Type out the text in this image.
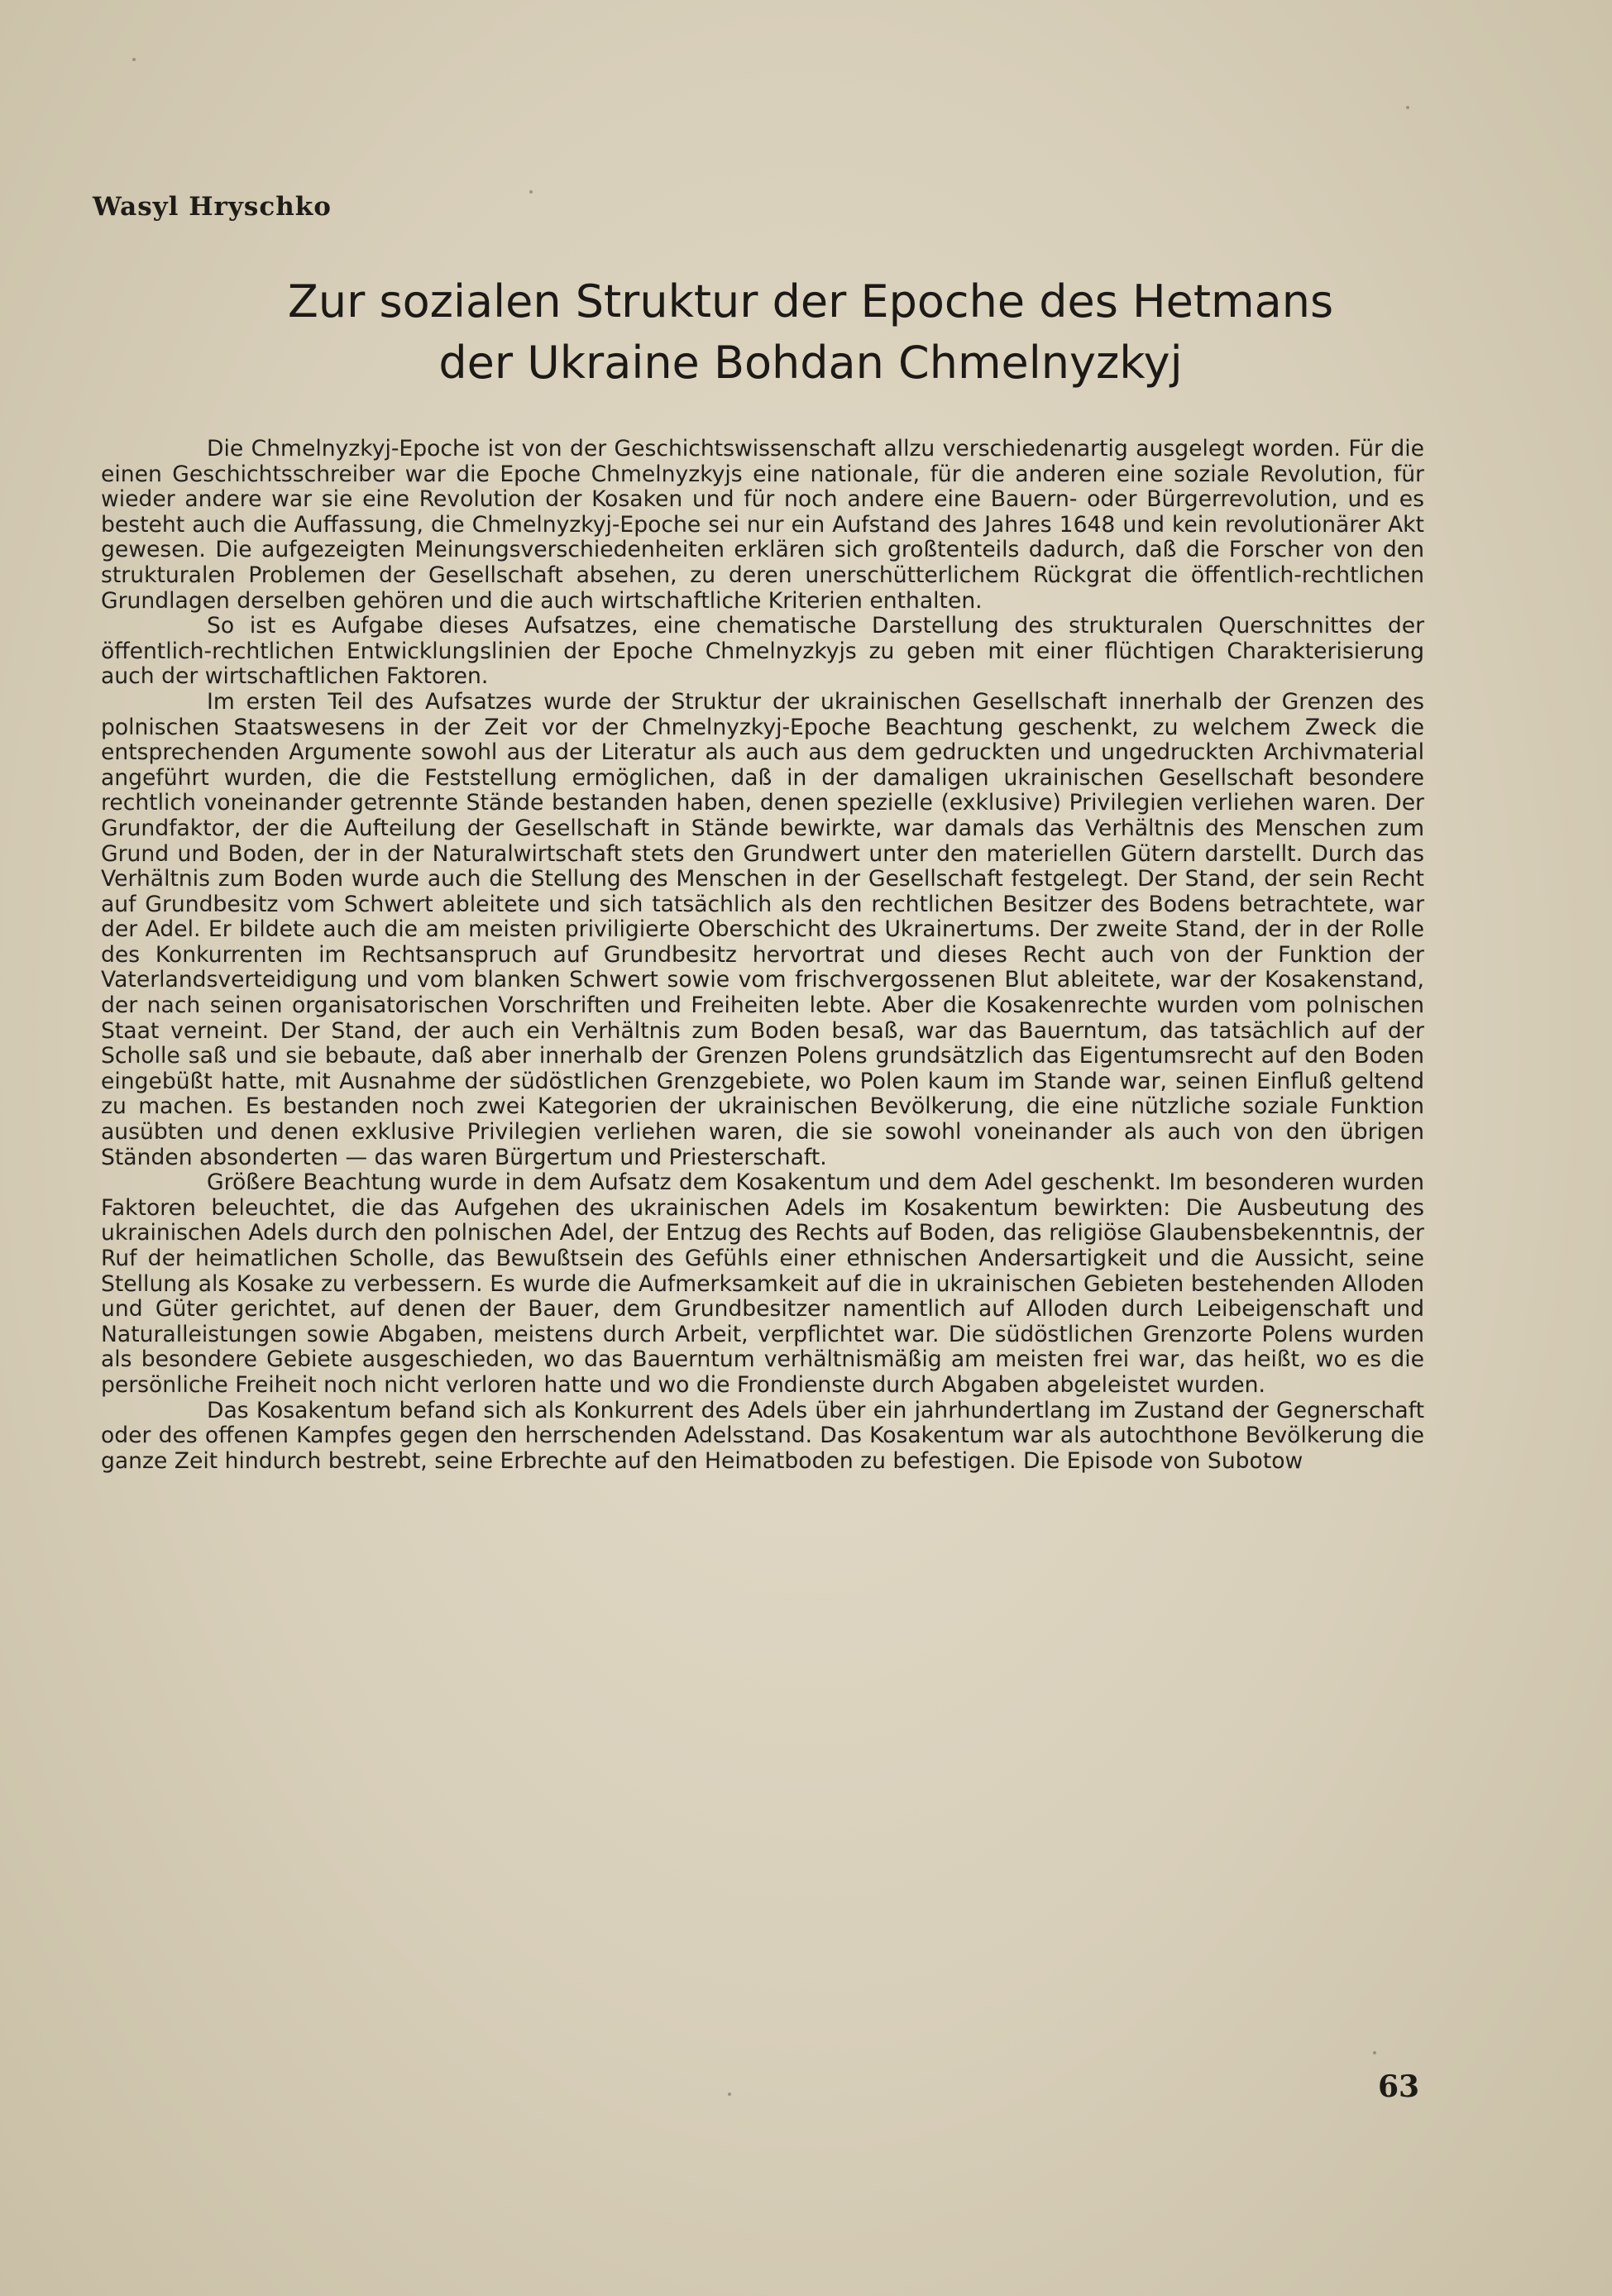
Wasyl Hryschko

Zur sozialen Struktur der Epoche des Hetmans
der Ukraine Bohdan Chmelnyzkyj

Die Chmelnyzkyj-Epoche ist von der Geschichtswissenschaft allzu verschiedenartig ausgelegt worden. Für die einen Geschichtsschreiber war die Epoche Chmelnyzkyjs eine nationale, für die anderen eine soziale Revolution, für wieder andere war sie eine Revolution der Kosaken und für noch andere eine Bauern- oder Bürgerrevolution, und es besteht auch die Auffassung, die Chmelnyzkyj-Epoche sei nur ein Aufstand des Jahres 1648 und kein revolutionärer Akt gewesen. Die aufgezeigten Meinungsverschiedenheiten erklären sich großtenteils dadurch, daß die Forscher von den strukturalen Problemen der Gesellschaft absehen, zu deren unerschütterlichem Rückgrat die öffentlich-rechtlichen Grundlagen derselben gehören und die auch wirtschaftliche Kriterien enthalten.

So ist es Aufgabe dieses Aufsatzes, eine chematische Darstellung des strukturalen Querschnittes der öffentlich-rechtlichen Entwicklungslinien der Epoche Chmelnyzkyjs zu geben mit einer flüchtigen Charakterisierung auch der wirtschaftlichen Faktoren.

Im ersten Teil des Aufsatzes wurde der Struktur der ukrainischen Gesellschaft innerhalb der Grenzen des polnischen Staatswesens in der Zeit vor der Chmelnyzkyj-Epoche Beachtung geschenkt, zu welchem Zweck die entsprechenden Argumente sowohl aus der Literatur als auch aus dem gedruckten und ungedruckten Archivmaterial angeführt wurden, die die Feststellung ermöglichen, daß in der damaligen ukrainischen Gesellschaft besondere rechtlich voneinander getrennte Stände bestanden haben, denen spezielle (exklusive) Privilegien verliehen waren. Der Grundfaktor, der die Aufteilung der Gesellschaft in Stände bewirkte, war damals das Verhältnis des Menschen zum Grund und Boden, der in der Naturalwirtschaft stets den Grundwert unter den materiellen Gütern darstellt. Durch das Verhältnis zum Boden wurde auch die Stellung des Menschen in der Gesellschaft festgelegt. Der Stand, der sein Recht auf Grundbesitz vom Schwert ableitete und sich tatsächlich als den rechtlichen Besitzer des Bodens betrachtete, war der Adel. Er bildete auch die am meisten priviligierte Oberschicht des Ukrainertums. Der zweite Stand, der in der Rolle des Konkurrenten im Rechtsanspruch auf Grundbesitz hervortrat und dieses Recht auch von der Funktion der Vaterlandsverteidigung und vom blanken Schwert sowie vom frischvergossenen Blut ableitete, war der Kosakenstand, der nach seinen organisatorischen Vorschriften und Freiheiten lebte. Aber die Kosakenrechte wurden vom polnischen Staat verneint. Der Stand, der auch ein Verhältnis zum Boden besaß, war das Bauerntum, das tatsächlich auf der Scholle saß und sie bebaute, daß aber innerhalb der Grenzen Polens grundsätzlich das Eigentumsrecht auf den Boden eingebüßt hatte, mit Ausnahme der südöstlichen Grenzgebiete, wo Polen kaum im Stande war, seinen Einfluß geltend zu machen. Es bestanden noch zwei Kategorien der ukrainischen Bevölkerung, die eine nützliche soziale Funktion ausübten und denen exklusive Privilegien verliehen waren, die sie sowohl voneinander als auch von den übrigen Ständen absonderten — das waren Bürgertum und Priesterschaft.

Größere Beachtung wurde in dem Aufsatz dem Kosakentum und dem Adel geschenkt. Im besonderen wurden Faktoren beleuchtet, die das Aufgehen des ukrainischen Adels im Kosakentum bewirkten: Die Ausbeutung des ukrainischen Adels durch den polnischen Adel, der Entzug des Rechts auf Boden, das religiöse Glaubensbekenntnis, der Ruf der heimatlichen Scholle, das Bewußtsein des Gefühls einer ethnischen Andersartigkeit und die Aussicht, seine Stellung als Kosake zu verbessern. Es wurde die Aufmerksamkeit auf die in ukrainischen Gebieten bestehenden Alloden und Güter gerichtet, auf denen der Bauer, dem Grundbesitzer namentlich auf Alloden durch Leibeigenschaft und Naturalleistungen sowie Abgaben, meistens durch Arbeit, verpflichtet war. Die südöstlichen Grenzorte Polens wurden als besondere Gebiete ausgeschieden, wo das Bauerntum verhältnismäßig am meisten frei war, das heißt, wo es die persönliche Freiheit noch nicht verloren hatte und wo die Frondienste durch Abgaben abgeleistet wurden.

Das Kosakentum befand sich als Konkurrent des Adels über ein jahrhundertlang im Zustand der Gegnerschaft oder des offenen Kampfes gegen den herrschenden Adelsstand. Das Kosakentum war als autochthone Bevölkerung die ganze Zeit hindurch bestrebt, seine Erbrechte auf den Heimatboden zu befestigen. Die Episode von Subotow

63
